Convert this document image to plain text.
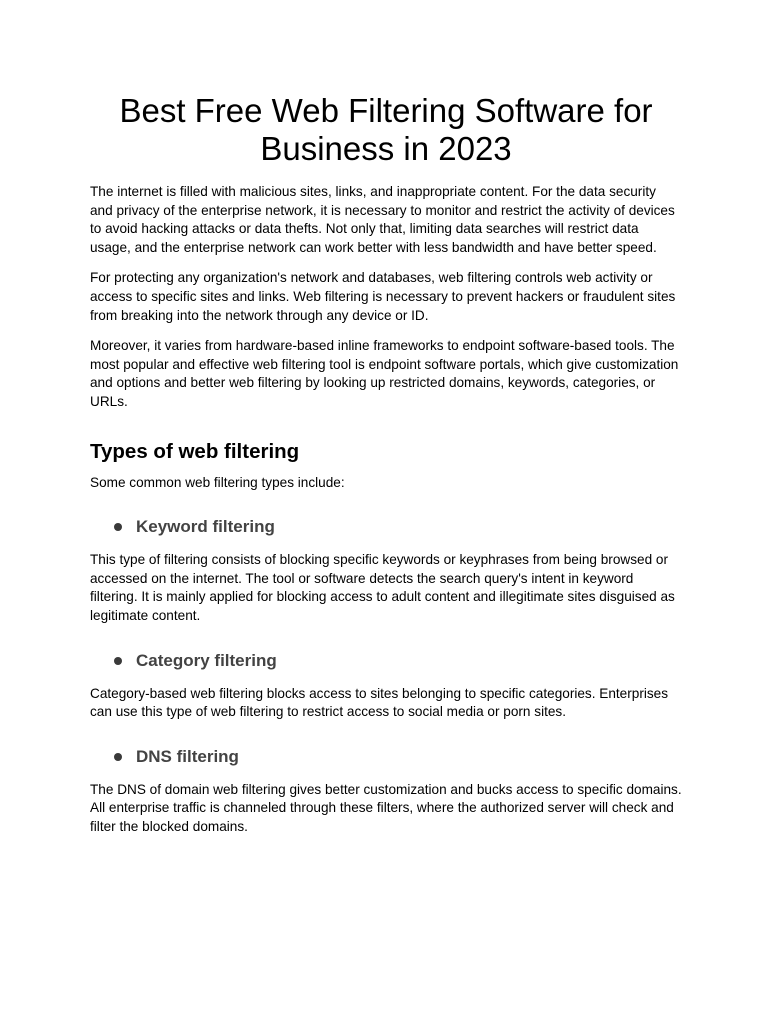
Best Free Web Filtering Software for Business in 2023

The internet is filled with malicious sites, links, and inappropriate content. For the data security and privacy of the enterprise network, it is necessary to monitor and restrict the activity of devices to avoid hacking attacks or data thefts. Not only that, limiting data searches will restrict data usage, and the enterprise network can work better with less bandwidth and have better speed.

For protecting any organization's network and databases, web filtering controls web activity or access to specific sites and links. Web filtering is necessary to prevent hackers or fraudulent sites from breaking into the network through any device or ID.

Moreover, it varies from hardware-based inline frameworks to endpoint software-based tools. The most popular and effective web filtering tool is endpoint software portals, which give customization and options and better web filtering by looking up restricted domains, keywords, categories, or URLs.

Types of web filtering

Some common web filtering types include:

Keyword filtering

This type of filtering consists of blocking specific keywords or keyphrases from being browsed or accessed on the internet. The tool or software detects the search query's intent in keyword filtering. It is mainly applied for blocking access to adult content and illegitimate sites disguised as legitimate content.

Category filtering

Category-based web filtering blocks access to sites belonging to specific categories. Enterprises can use this type of web filtering to restrict access to social media or porn sites.

DNS filtering

The DNS of domain web filtering gives better customization and bucks access to specific domains. All enterprise traffic is channeled through these filters, where the authorized server will check and filter the blocked domains.
